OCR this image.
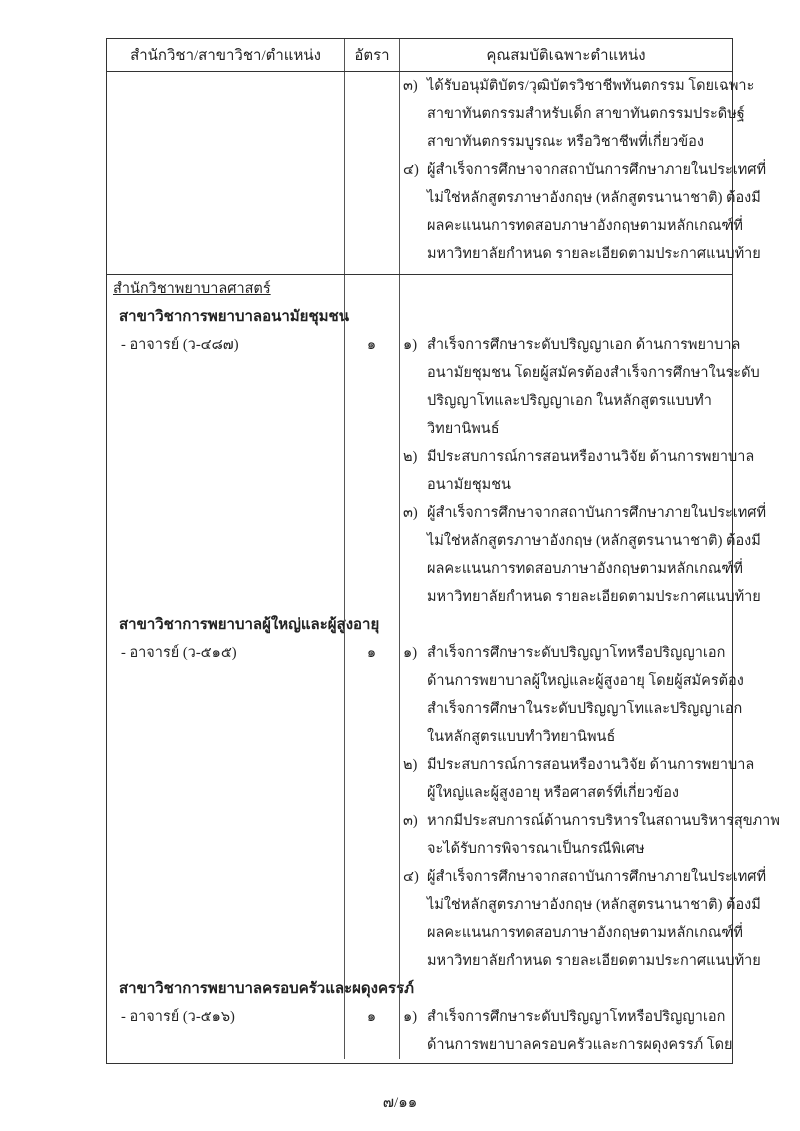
สำนักวิชา/สาขาวิชา/ตำแหน่ง	อัตรา	คุณสมบัติเฉพาะตำแหน่ง
๓) ได้รับอนุมัติบัตร/วุฒิบัตรวิชาชีพทันตกรรม โดยเฉพาะ
สาขาทันตกรรมสำหรับเด็ก สาขาทันตกรรมประดิษฐ์
สาขาทันตกรรมบูรณะ หรือวิชาชีพที่เกี่ยวข้อง
๔) ผู้สำเร็จการศึกษาจากสถาบันการศึกษาภายในประเทศที่
ไม่ใช่หลักสูตรภาษาอังกฤษ (หลักสูตรนานาชาติ) ต้องมี
ผลคะแนนการทดสอบภาษาอังกฤษตามหลักเกณฑ์ที่
มหาวิทยาลัยกำหนด รายละเอียดตามประกาศแนบท้าย
สำนักวิชาพยาบาลศาสตร์
สาขาวิชาการพยาบาลอนามัยชุมชน
- อาจารย์ (ว-๔๘๗)	๑	๑) สำเร็จการศึกษาระดับปริญญาเอก ด้านการพยาบาล
อนามัยชุมชน โดยผู้สมัครต้องสำเร็จการศึกษาในระดับ
ปริญญาโทและปริญญาเอก ในหลักสูตรแบบทำ
วิทยานิพนธ์
๒) มีประสบการณ์การสอนหรืองานวิจัย ด้านการพยาบาล
อนามัยชุมชน
๓) ผู้สำเร็จการศึกษาจากสถาบันการศึกษาภายในประเทศที่
ไม่ใช่หลักสูตรภาษาอังกฤษ (หลักสูตรนานาชาติ) ต้องมี
ผลคะแนนการทดสอบภาษาอังกฤษตามหลักเกณฑ์ที่
มหาวิทยาลัยกำหนด รายละเอียดตามประกาศแนบท้าย
สาขาวิชาการพยาบาลผู้ใหญ่และผู้สูงอายุ
- อาจารย์ (ว-๕๑๕)	๑	๑) สำเร็จการศึกษาระดับปริญญาโทหรือปริญญาเอก
ด้านการพยาบาลผู้ใหญ่และผู้สูงอายุ โดยผู้สมัครต้อง
สำเร็จการศึกษาในระดับปริญญาโทและปริญญาเอก
ในหลักสูตรแบบทำวิทยานิพนธ์
๒) มีประสบการณ์การสอนหรืองานวิจัย ด้านการพยาบาล
ผู้ใหญ่และผู้สูงอายุ หรือศาสตร์ที่เกี่ยวข้อง
๓) หากมีประสบการณ์ด้านการบริหารในสถานบริหารสุขภาพ
จะได้รับการพิจารณาเป็นกรณีพิเศษ
๔) ผู้สำเร็จการศึกษาจากสถาบันการศึกษาภายในประเทศที่
ไม่ใช่หลักสูตรภาษาอังกฤษ (หลักสูตรนานาชาติ) ต้องมี
ผลคะแนนการทดสอบภาษาอังกฤษตามหลักเกณฑ์ที่
มหาวิทยาลัยกำหนด รายละเอียดตามประกาศแนบท้าย
สาขาวิชาการพยาบาลครอบครัวและผดุงครรภ์
- อาจารย์ (ว-๕๑๖)	๑	๑) สำเร็จการศึกษาระดับปริญญาโทหรือปริญญาเอก
ด้านการพยาบาลครอบครัวและการผดุงครรภ์ โดย
๗/๑๑
